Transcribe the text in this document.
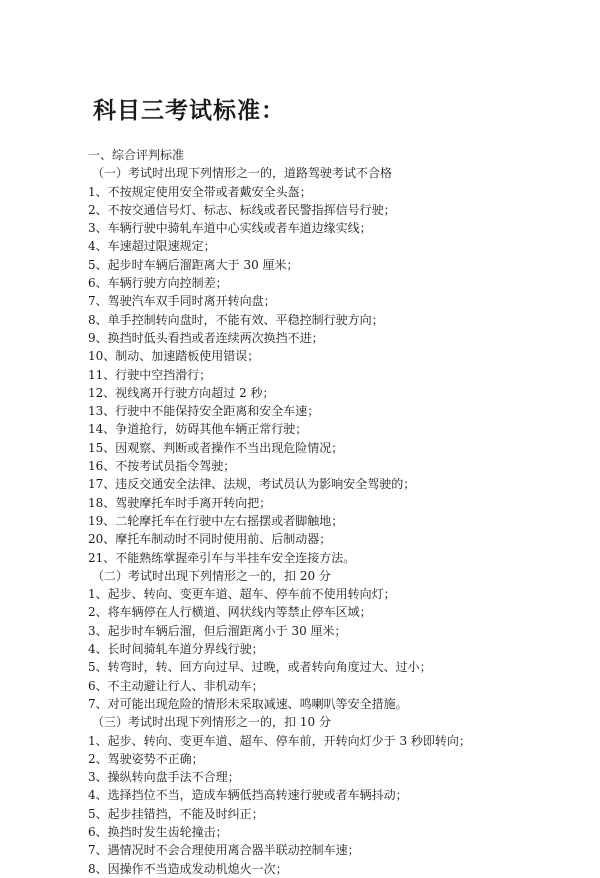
科目三考试标准：
一、综合评判标准
（一）考试时出现下列情形之一的，道路驾驶考试不合格
1、不按规定使用安全带或者戴安全头盔；
2、不按交通信号灯、标志、标线或者民警指挥信号行驶；
3、车辆行驶中骑轧车道中心实线或者车道边缘实线；
4、车速超过限速规定；
5、起步时车辆后溜距离大于 30 厘米；
6、车辆行驶方向控制差；
7、驾驶汽车双手同时离开转向盘；
8、单手控制转向盘时，不能有效、平稳控制行驶方向；
9、换挡时低头看挡或者连续两次换挡不进；
10、制动、加速踏板使用错误；
11、行驶中空挡滑行；
12、视线离开行驶方向超过 2 秒；
13、行驶中不能保持安全距离和安全车速；
14、争道抢行，妨碍其他车辆正常行驶；
15、因观察、判断或者操作不当出现危险情况；
16、不按考试员指令驾驶；
17、违反交通安全法律、法规，考试员认为影响安全驾驶的；
18、驾驶摩托车时手离开转向把；
19、二轮摩托车在行驶中左右摇摆或者脚触地；
20、摩托车制动时不同时使用前、后制动器；
21、不能熟练掌握牵引车与半挂车安全连接方法。
（二）考试时出现下列情形之一的，扣 20 分
1、起步、转向、变更车道、超车、停车前不使用转向灯；
2、将车辆停在人行横道、网状线内等禁止停车区域；
3、起步时车辆后溜，但后溜距离小于 30 厘米；
4、长时间骑轧车道分界线行驶；
5、转弯时，转、回方向过早、过晚，或者转向角度过大、过小；
6、不主动避让行人、非机动车；
7、对可能出现危险的情形未采取减速、鸣喇叭等安全措施。
（三）考试时出现下列情形之一的，扣 10 分
1、起步、转向、变更车道、超车、停车前，开转向灯少于 3 秒即转向；
2、驾驶姿势不正确；
3、操纵转向盘手法不合理；
4、选择挡位不当，造成车辆低挡高转速行驶或者车辆抖动；
5、起步挂错挡，不能及时纠正；
6、换挡时发生齿轮撞击；
7、遇情况时不会合理使用离合器半联动控制车速；
8、因操作不当造成发动机熄火一次；
